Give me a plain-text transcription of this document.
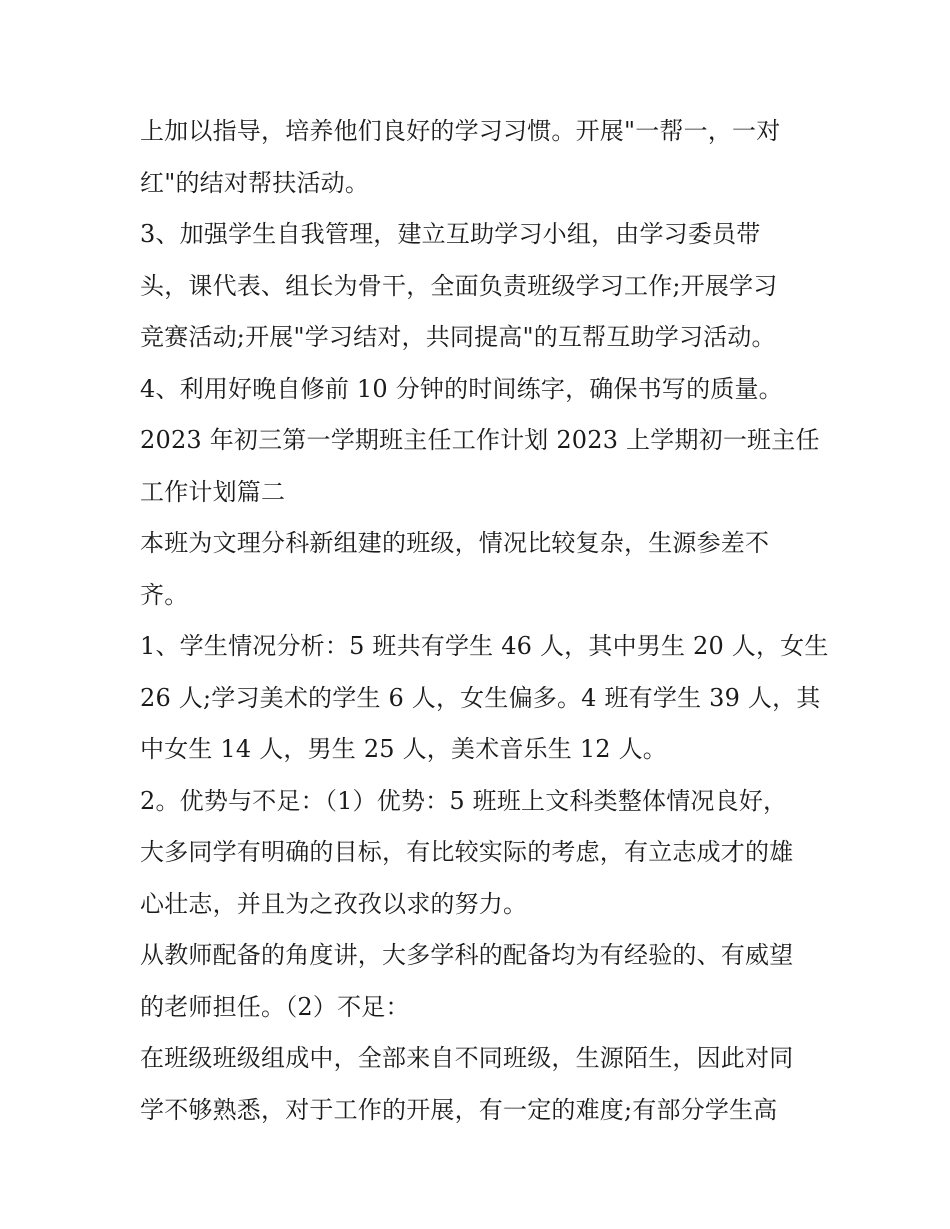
上加以指导，培养他们良好的学习习惯。开展"一帮一，一对
红"的结对帮扶活动。
3、加强学生自我管理，建立互助学习小组，由学习委员带
头，课代表、组长为骨干，全面负责班级学习工作;开展学习
竞赛活动;开展"学习结对，共同提高"的互帮互助学习活动。
4、利用好晚自修前 10 分钟的时间练字，确保书写的质量。
2023 年初三第一学期班主任工作计划 2023 上学期初一班主任
工作计划篇二
本班为文理分科新组建的班级，情况比较复杂，生源参差不
齐。
1、学生情况分析：5 班共有学生 46 人，其中男生 20 人，女生
26 人;学习美术的学生 6 人，女生偏多。4 班有学生 39 人，其
中女生 14 人，男生 25 人，美术音乐生 12 人。
2。优势与不足：（1）优势：5 班班上文科类整体情况良好，
大多同学有明确的目标，有比较实际的考虑，有立志成才的雄
心壮志，并且为之孜孜以求的努力。
从教师配备的角度讲，大多学科的配备均为有经验的、有威望
的老师担任。（2）不足：
在班级班级组成中，全部来自不同班级，生源陌生，因此对同
学不够熟悉，对于工作的开展，有一定的难度;有部分学生高
